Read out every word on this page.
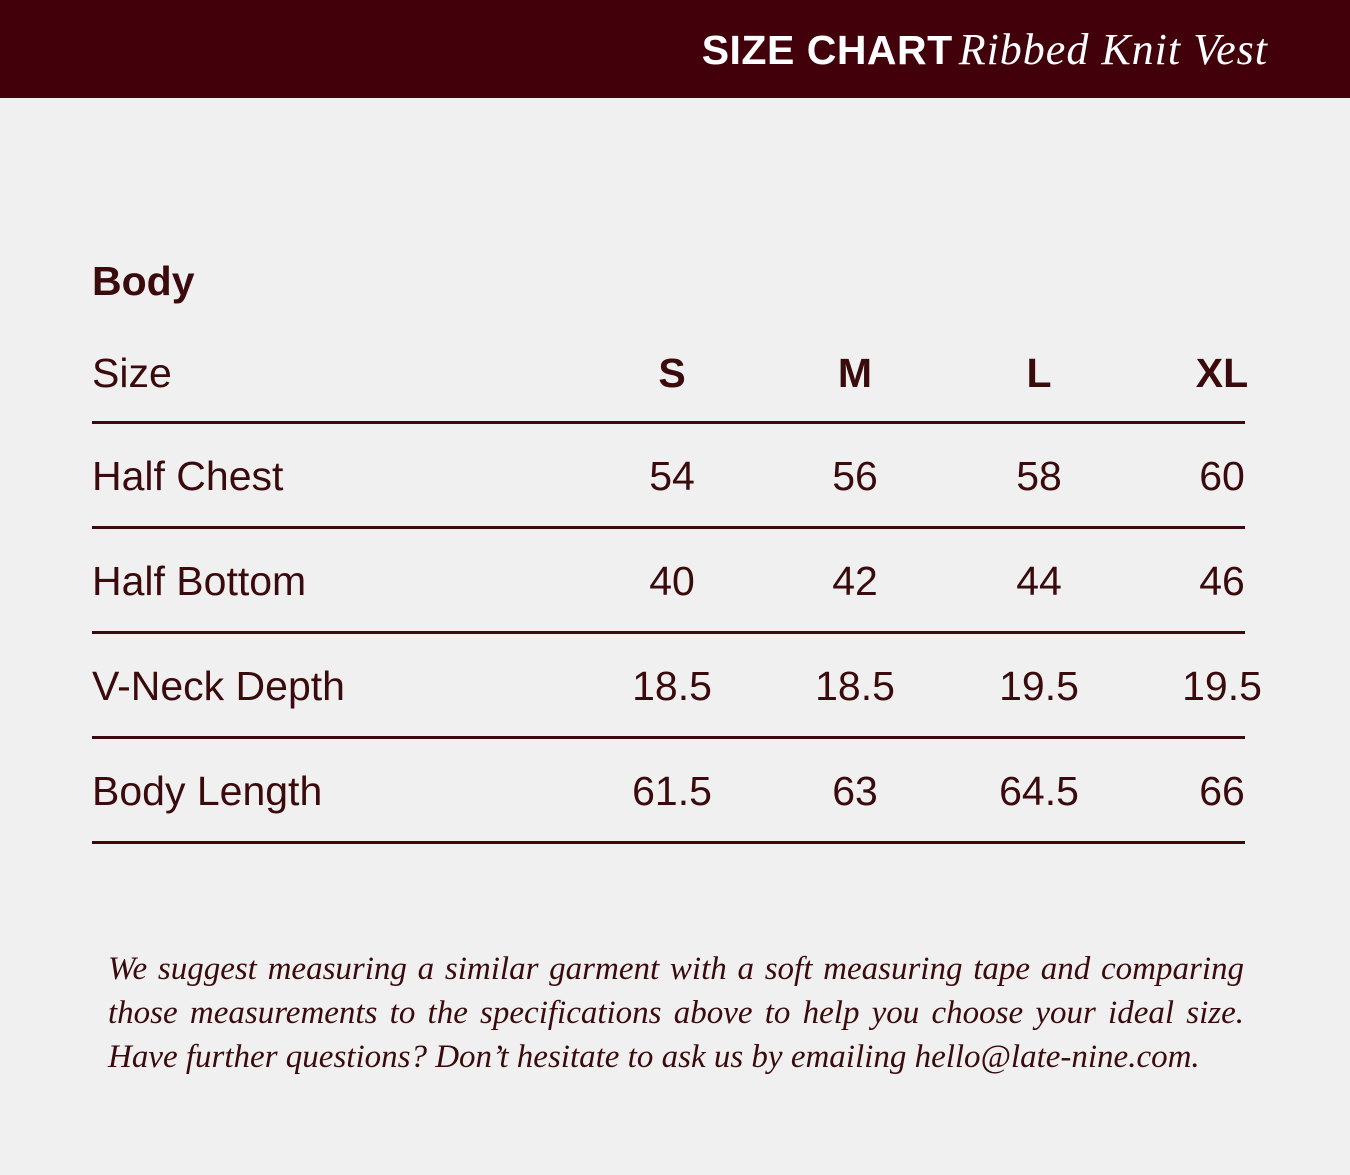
SIZE CHART Ribbed Knit Vest
Body
Size	S	M	L	XL
Half Chest	54	56	58	60
Half Bottom	40	42	44	46
V-Neck Depth	18.5	18.5	19.5	19.5
Body Length	61.5	63	64.5	66

We suggest measuring a similar garment with a soft measuring tape and comparing those measurements to the specifications above to help you choose your ideal size. Have further questions? Don’t hesitate to ask us by emailing hello@late-nine.com.
